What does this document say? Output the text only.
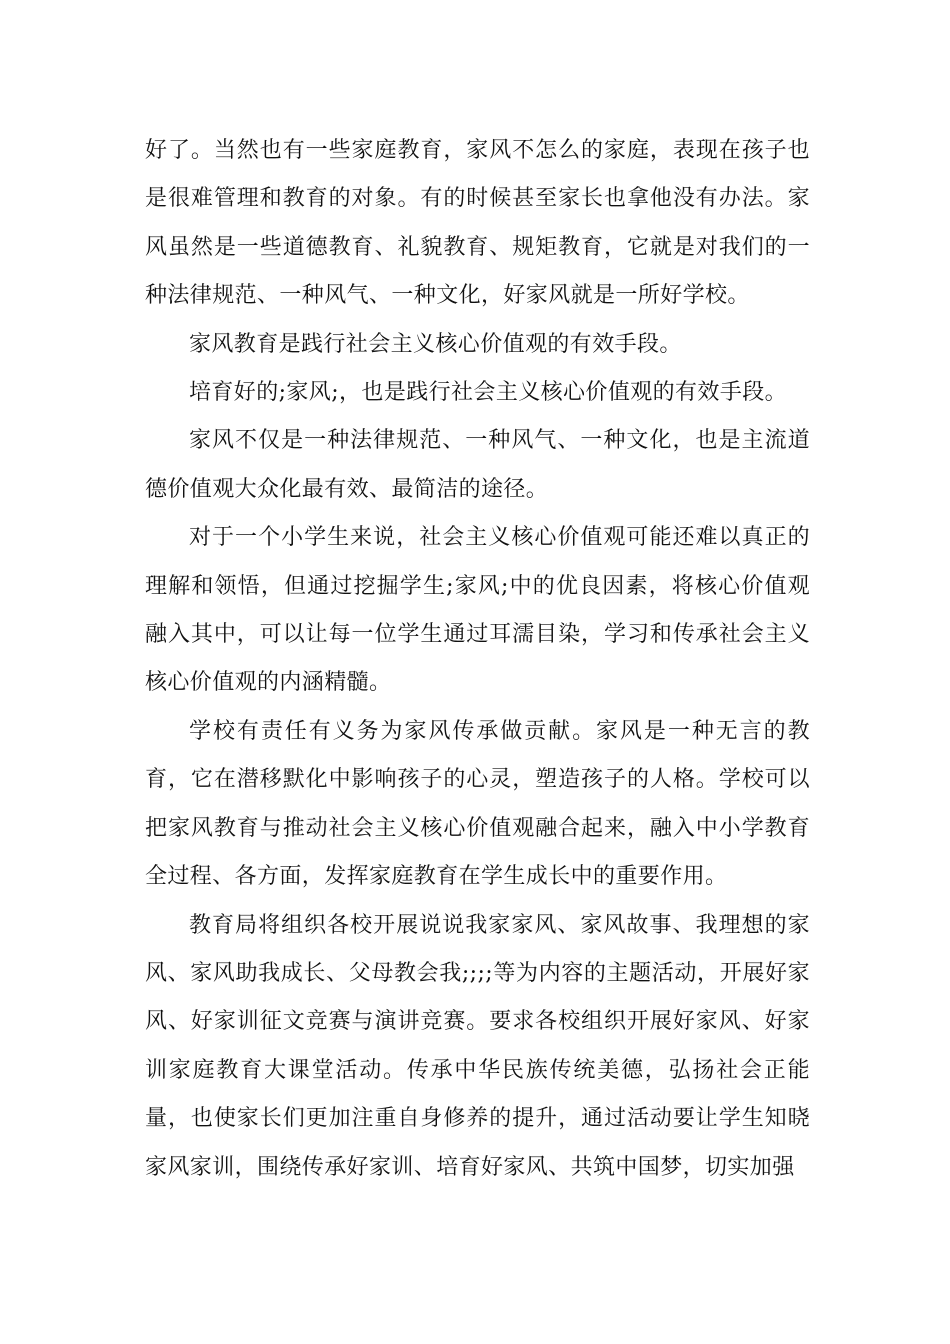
好了。当然也有一些家庭教育，家风不怎么的家庭，表现在孩子也是很难管理和教育的对象。有的时候甚至家长也拿他没有办法。家风虽然是一些道德教育、礼貌教育、规矩教育，它就是对我们的一种法律规范、一种风气、一种文化，好家风就是一所好学校。

家风教育是践行社会主义核心价值观的有效手段。

培育好的;家风;，也是践行社会主义核心价值观的有效手段。

家风不仅是一种法律规范、一种风气、一种文化，也是主流道德价值观大众化最有效、最简洁的途径。

对于一个小学生来说，社会主义核心价值观可能还难以真正的理解和领悟，但通过挖掘学生;家风;中的优良因素，将核心价值观融入其中，可以让每一位学生通过耳濡目染，学习和传承社会主义核心价值观的内涵精髓。

学校有责任有义务为家风传承做贡献。家风是一种无言的教育，它在潜移默化中影响孩子的心灵，塑造孩子的人格。学校可以把家风教育与推动社会主义核心价值观融合起来，融入中小学教育全过程、各方面，发挥家庭教育在学生成长中的重要作用。

教育局将组织各校开展说说我家家风、家风故事、我理想的家风、家风助我成长、父母教会我;;;;等为内容的主题活动，开展好家风、好家训征文竞赛与演讲竞赛。要求各校组织开展好家风、好家训家庭教育大课堂活动。传承中华民族传统美德，弘扬社会正能量，也使家长们更加注重自身修养的提升，通过活动要让学生知晓家风家训，围绕传承好家训、培育好家风、共筑中国梦，切实加强
